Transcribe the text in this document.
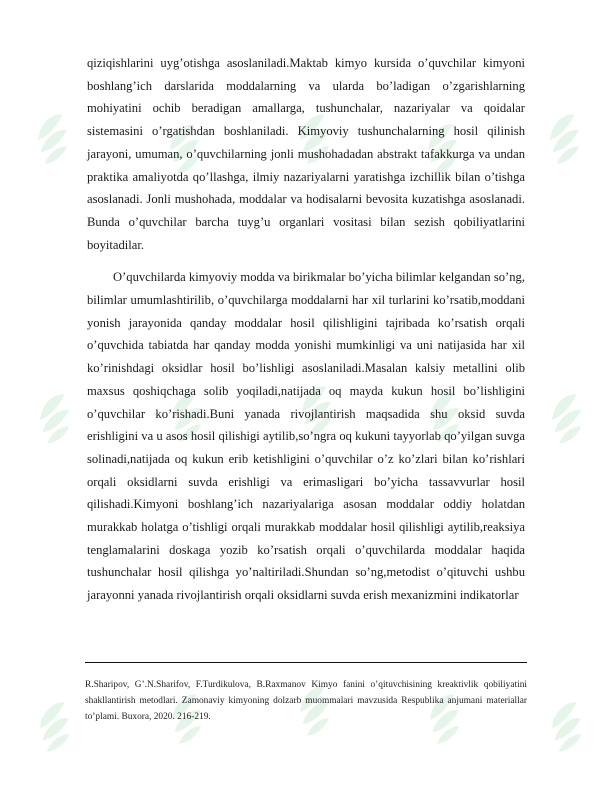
qiziqishlarini uyg’otishga asoslaniladi.Maktab kimyo kursida o’quvchilar kimyoni boshlang’ich darslarida moddalarning va ularda bo’ladigan o’zgarishlarning mohiyatini ochib beradigan amallarga, tushunchalar, nazariyalar va qoidalar sistemasini o’rgatishdan boshlaniladi. Kimyoviy tushunchalarning hosil qilinish jarayoni, umuman, o’quvchilarning jonli mushohadadan abstrakt tafakkurga va undan praktika amaliyotda qo’llashga, ilmiy nazariyalarni yaratishga izchillik bilan o’tishga asoslanadi. Jonli mushohada, moddalar va hodisalarni bevosita kuzatishga asoslanadi. Bunda o’quvchilar barcha tuyg’u organlari vositasi bilan sezish qobiliyatlarini boyitadilar.

O’quvchilarda kimyoviy modda va birikmalar bo’yicha bilimlar kelgandan so’ng, bilimlar umumlashtirilib, o’quvchilarga moddalarni har xil turlarini ko’rsatib,moddani yonish jarayonida qanday moddalar hosil qilishligini tajribada ko’rsatish orqali o’quvchida tabiatda har qanday modda yonishi mumkinligi va uni natijasida har xil ko’rinishdagi oksidlar hosil bo’lishligi asoslaniladi.Masalan kalsiy metallini olib maxsus qoshiqchaga solib yoqiladi,natijada oq mayda kukun hosil bo’lishligini o’quvchilar ko’rishadi.Buni yanada rivojlantirish maqsadida shu oksid suvda erishligini va u asos hosil qilishigi aytilib,so’ngra oq kukuni tayyorlab qo’yilgan suvga solinadi,natijada oq kukun erib ketishligini o’quvchilar o’z ko’zlari bilan ko’rishlari orqali oksidlarni suvda erishligi va erimasligari bo’yicha tassavvurlar hosil qilishadi.Kimyoni boshlang’ich nazariyalariga asosan moddalar oddiy holatdan murakkab holatga o’tishligi orqali murakkab moddalar hosil qilishligi aytilib,reaksiya tenglamalarini doskaga yozib ko’rsatish orqali o’quvchilarda moddalar haqida tushunchalar hosil qilishga yo’naltiriladi.Shundan so’ng,metodist o’qituvchi ushbu jarayonni yanada rivojlantirish orqali oksidlarni suvda erish mexanizmini indikatorlar

R.Sharipov, G’.N.Sharifov, F.Turdikulova, B.Raxmanov Kimyo fanini o’qituvchisining kreaktivlik qobiliyatini shakllantirish metodlari. Zamonaviy kimyoning dolzarb muommalari mavzusida Respublika anjumani materiallar to’plami. Buxora, 2020. 216-219.
